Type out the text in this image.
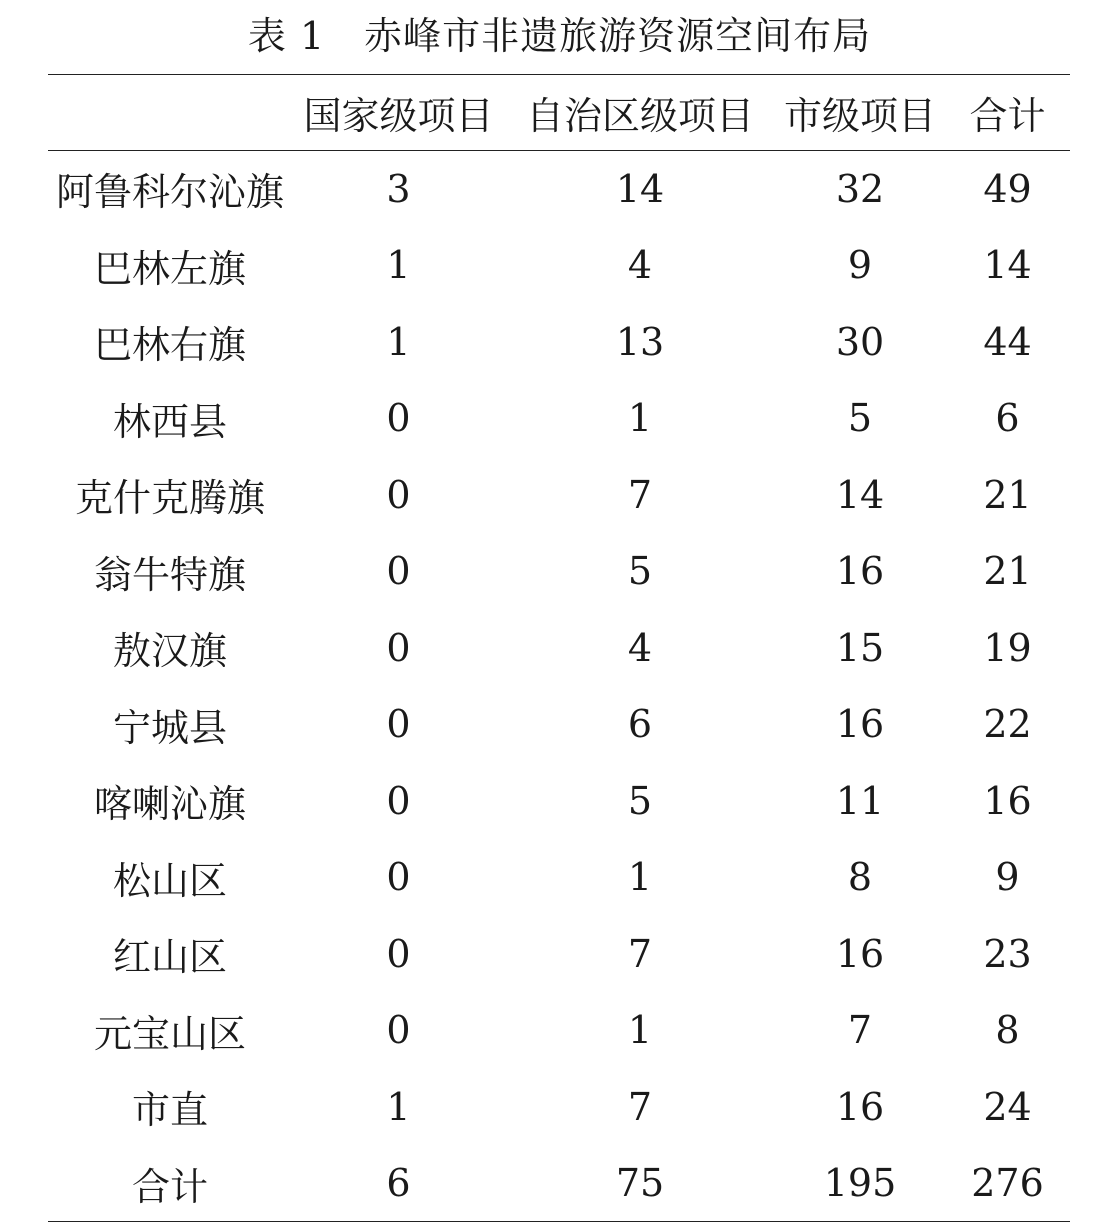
表 1　赤峰市非遗旅游资源空间布局
	国家级项目	自治区级项目	市级项目	合计
阿鲁科尔沁旗	3	14	32	49
巴林左旗	1	4	9	14
巴林右旗	1	13	30	44
林西县	0	1	5	6
克什克腾旗	0	7	14	21
翁牛特旗	0	5	16	21
敖汉旗	0	4	15	19
宁城县	0	6	16	22
喀喇沁旗	0	5	11	16
松山区	0	1	8	9
红山区	0	7	16	23
元宝山区	0	1	7	8
市直	1	7	16	24
合计	6	75	195	276
